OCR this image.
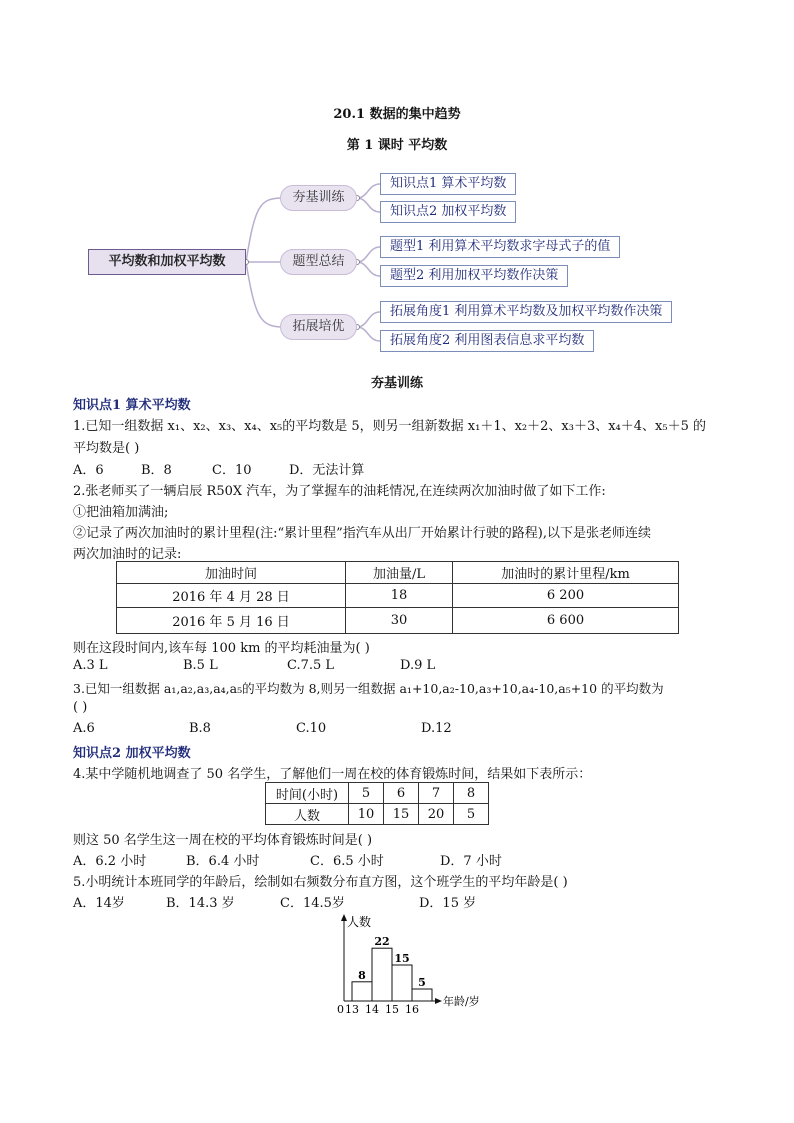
20.1 数据的集中趋势
第 1 课时 平均数
平均数和加权平均数
夯基训练
题型总结
拓展培优
知识点1 算术平均数
知识点2 加权平均数
题型1 利用算术平均数求字母式子的值
题型2 利用加权平均数作决策
拓展角度1 利用算术平均数及加权平均数作决策
拓展角度2 利用图表信息求平均数
夯基训练
知识点1 算术平均数
1.已知一组数据 x₁、x₂、x₃、x₄、x₅的平均数是 5，则另一组新数据 x₁＋1、x₂＋2、x₃＋3、x₄＋4、x₅＋5 的
平均数是( )
A．6	B．8	C．10	D．无法计算
2.张老师买了一辆启辰 R50X 汽车，为了掌握车的油耗情况,在连续两次加油时做了如下工作:
①把油箱加满油;
②记录了两次加油时的累计里程(注:“累计里程”指汽车从出厂开始累计行驶的路程),以下是张老师连续
两次加油时的记录:
加油时间	加油量/L	加油时的累计里程/km
2016 年 4 月 28 日	18	6 200
2016 年 5 月 16 日	30	6 600
则在这段时间内,该车每 100 km 的平均耗油量为( )
A.3 L	B.5 L	C.7.5 L	D.9 L
3.已知一组数据 a₁,a₂,a₃,a₄,a₅的平均数为 8,则另一组数据 a₁+10,a₂-10,a₃+10,a₄-10,a₅+10 的平均数为
( )
A.6	B.8	C.10	D.12
知识点2 加权平均数
4.某中学随机地调查了 50 名学生，了解他们一周在校的体育锻炼时间，结果如下表所示：
时间(小时)	5	6	7	8
人数	10	15	20	5
则这 50 名学生这一周在校的平均体育锻炼时间是( )
A．6.2 小时	B．6.4 小时	C．6.5 小时	D．7 小时
5.小明统计本班同学的年龄后，绘制如右频数分布直方图，这个班学生的平均年龄是( )
A．14岁	B．14.3 岁	C．14.5岁	D．15 岁
8
13
22
14
15
15
5
16
人数
年龄/岁
0
